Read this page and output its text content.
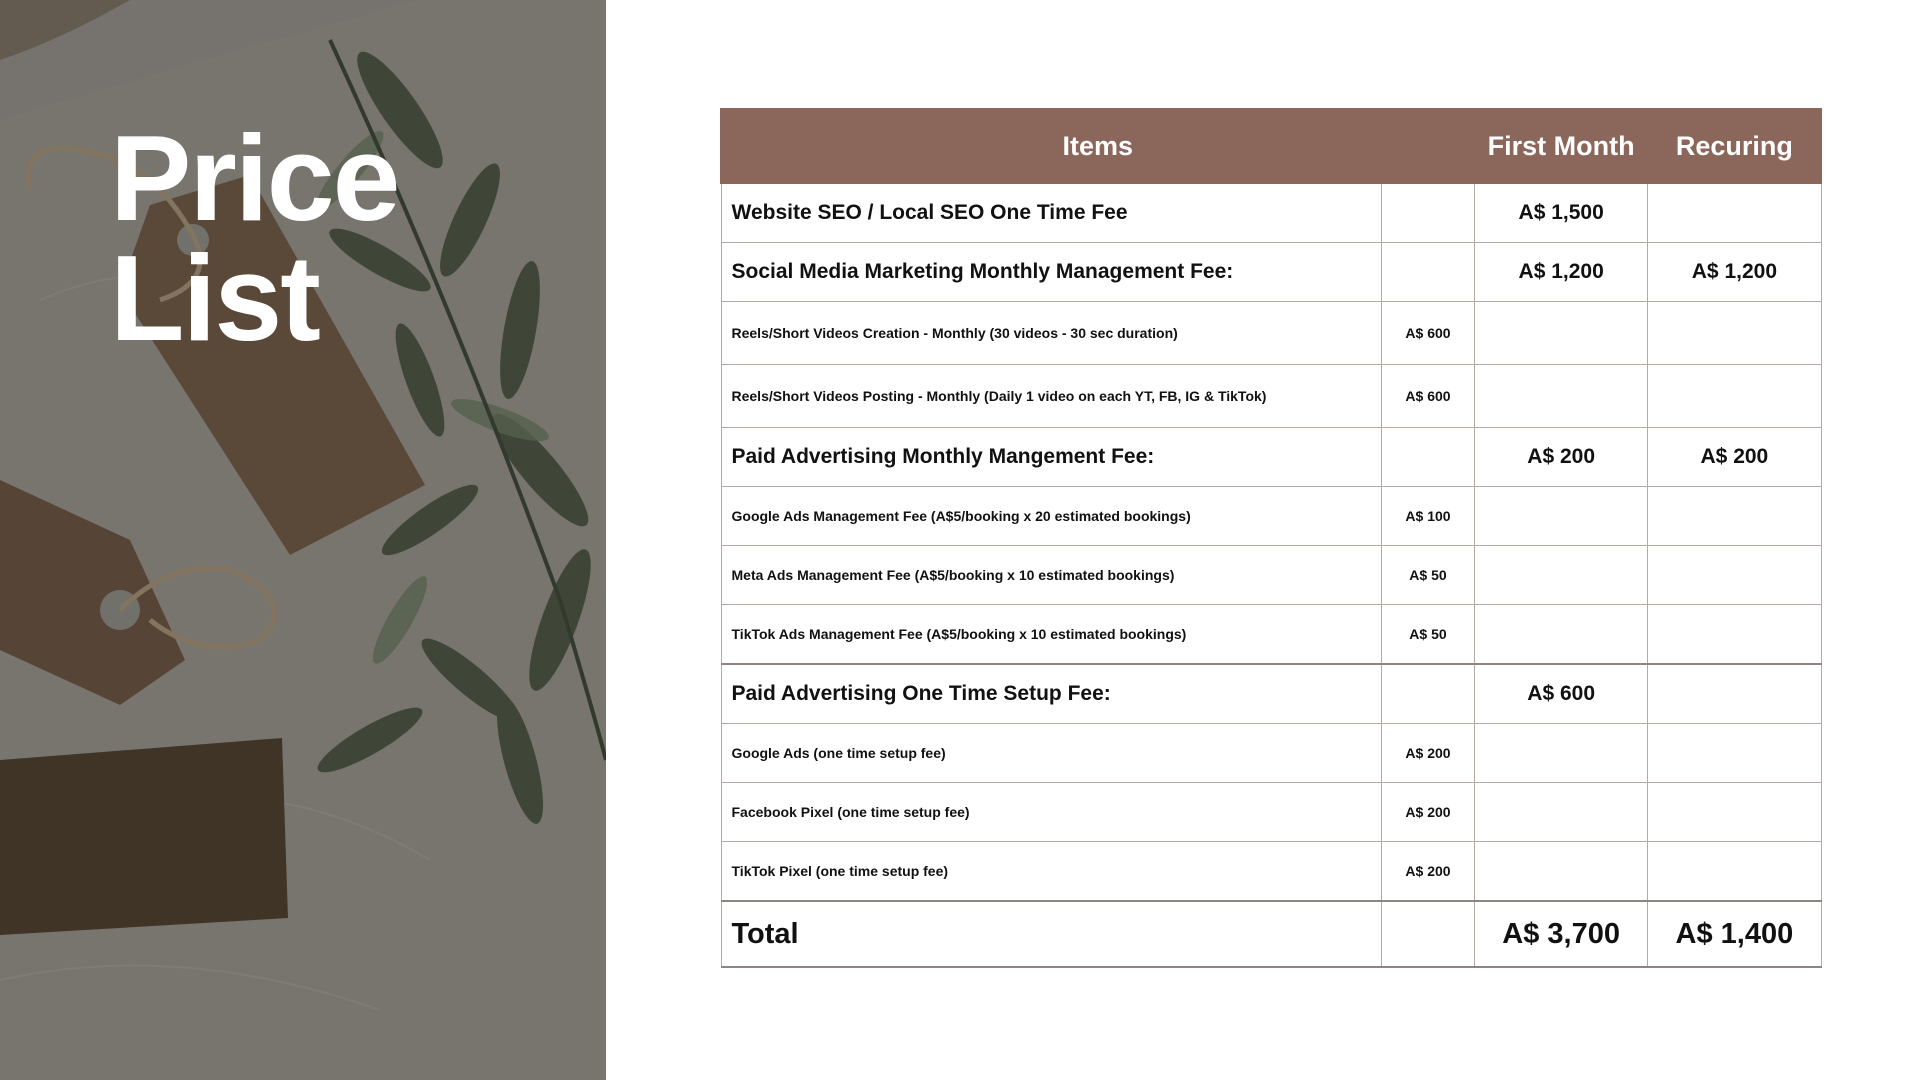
Price
List
Items		First Month	Recuring
Website SEO / Local SEO One Time Fee		A$ 1,500	
Social Media Marketing Monthly Management Fee:		A$ 1,200	A$ 1,200
Reels/Short Videos Creation - Monthly (30 videos - 30 sec duration)	A$ 600		
Reels/Short Videos Posting - Monthly (Daily 1 video on each YT, FB, IG & TikTok)	A$ 600		
Paid Advertising Monthly Mangement Fee:		A$ 200	A$ 200
Google Ads Management Fee (A$5/booking x 20 estimated bookings)	A$ 100		
Meta Ads Management Fee (A$5/booking x 10 estimated bookings)	A$ 50		
TikTok Ads Management Fee (A$5/booking x 10 estimated bookings)	A$ 50		
Paid Advertising One Time Setup Fee:		A$ 600	
Google Ads (one time setup fee)	A$ 200		
Facebook Pixel (one time setup fee)	A$ 200		
TikTok Pixel (one time setup fee)	A$ 200		
Total		A$ 3,700	A$ 1,400
